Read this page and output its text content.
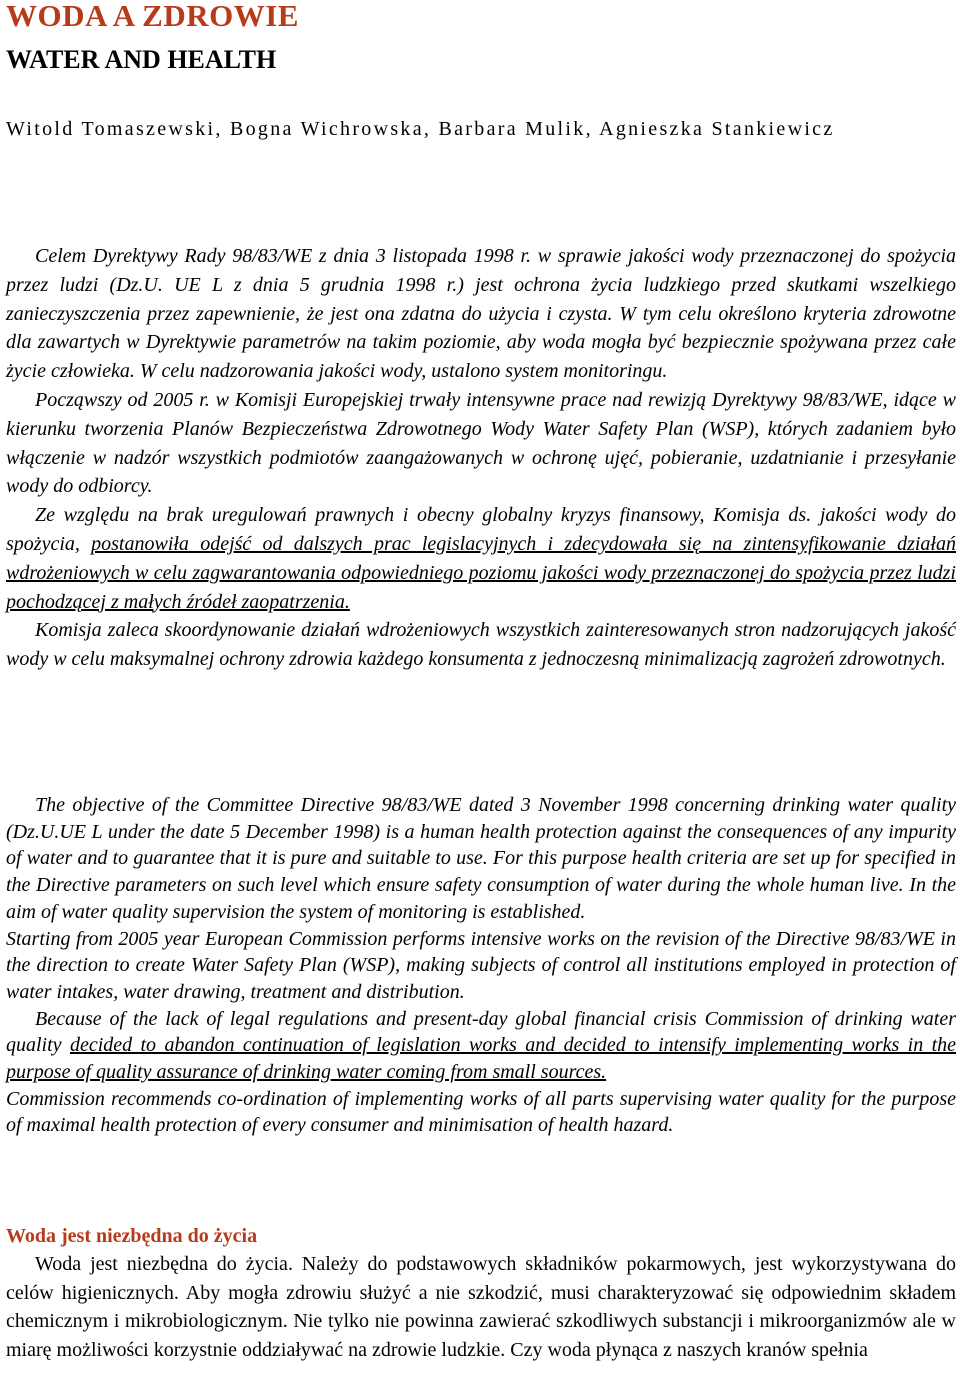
WODA A ZDROWIE
WATER AND HEALTH
Witold Tomaszewski, Bogna Wichrowska, Barbara Mulik, Agnieszka Stankiewicz

Celem Dyrektywy Rady 98/83/WE z dnia 3 listopada 1998 r. w sprawie jakości wody przeznaczonej do spożycia przez ludzi (Dz.U. UE L z dnia 5 grudnia 1998 r.) jest ochrona życia ludzkiego przed skutkami wszelkiego zanieczyszczenia przez zapewnienie, że jest ona zdatna do użycia i czysta. W tym celu określono kryteria zdrowotne dla zawartych w Dyrektywie parametrów na takim poziomie, aby woda mogła być bezpiecznie spożywana przez całe życie człowieka. W celu nadzorowania jakości wody, ustalono system monitoringu.

Począwszy od 2005 r. w Komisji Europejskiej trwały intensywne prace nad rewizją Dyrektywy 98/83/WE, idące w kierunku tworzenia Planów Bezpieczeństwa Zdrowotnego Wody Water Safety Plan (WSP), których zadaniem było włączenie w nadzór wszystkich podmiotów zaangażowanych w ochronę ujęć, pobieranie, uzdatnianie i przesyłanie wody do odbiorcy.

Ze względu na brak uregulowań prawnych i obecny globalny kryzys finansowy, Komisja ds. jakości wody do spożycia, postanowiła odejść od dalszych prac legislacyjnych i zdecydowała się na zintensyfikowanie działań wdrożeniowych w celu zagwarantowania odpowiedniego poziomu jakości wody przeznaczonej do spożycia przez ludzi pochodzącej z małych źródeł zaopatrzenia.

Komisja zaleca skoordynowanie działań wdrożeniowych wszystkich zainteresowanych stron nadzorujących jakość wody w celu maksymalnej ochrony zdrowia każdego konsumenta z jednoczesną minimalizacją zagrożeń zdrowotnych.

The objective of the Committee Directive 98/83/WE dated 3 November 1998 concerning drinking water quality (Dz.U.UE L under the date 5 December 1998) is a human health protection against the consequences of any impurity of water and to guarantee that it is pure and suitable to use. For this purpose health criteria are set up for specified in the Directive parameters on such level which ensure safety consumption of water during the whole human live. In the aim of water quality supervision the system of monitoring is established.

Starting from 2005 year European Commission performs intensive works on the revision of the Directive 98/83/WE in the direction to create Water Safety Plan (WSP), making subjects of control all institutions employed in protection of water intakes, water drawing, treatment and distribution.

Because of the lack of legal regulations and present-day global financial crisis Commission of drinking water quality decided to abandon continuation of legislation works and decided to intensify implementing works in the purpose of quality assurance of drinking water coming from small sources.

Commission recommends co-ordination of implementing works of all parts supervising water quality for the purpose of maximal health protection of every consumer and minimisation of health hazard.

Woda jest niezbędna do życia

Woda jest niezbędna do życia. Należy do podstawowych składników pokarmowych, jest wykorzystywana do celów higienicznych. Aby mogła zdrowiu służyć a nie szkodzić, musi charakteryzować się odpowiednim składem chemicznym i mikrobiologicznym. Nie tylko nie powinna zawierać szkodliwych substancji i mikroorganizmów ale w miarę możliwości korzystnie oddziaływać na zdrowie ludzkie. Czy woda płynąca z naszych kranów spełnia
